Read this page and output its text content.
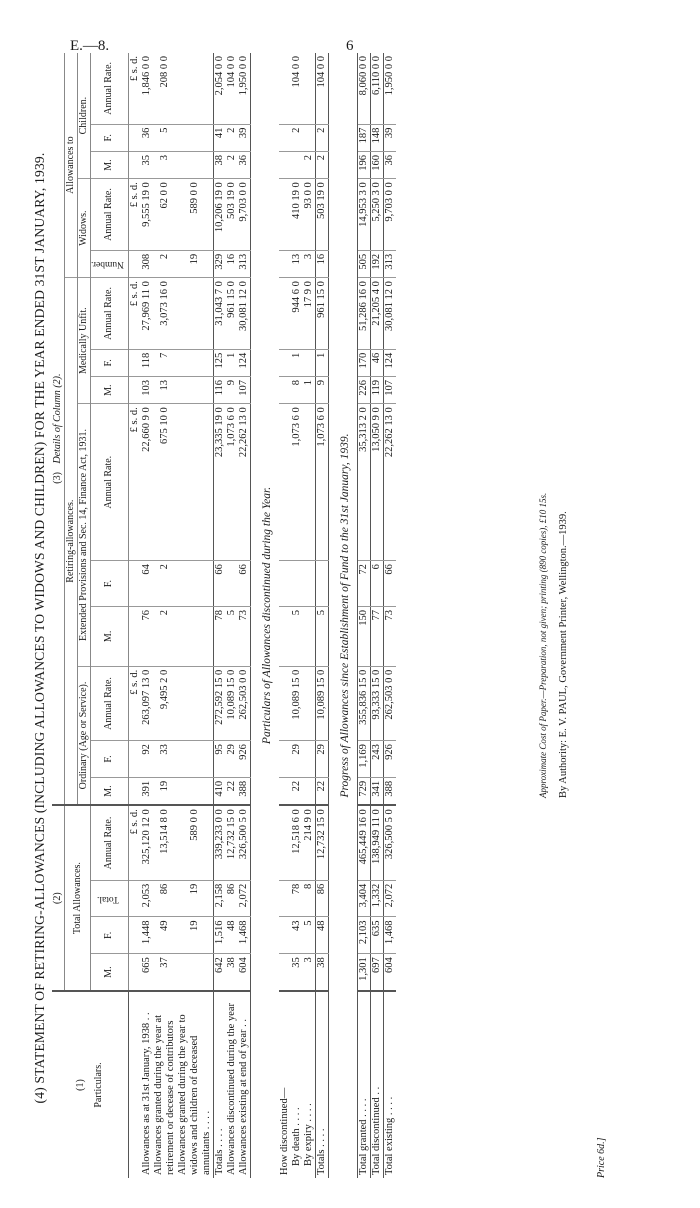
E.—8.	6
(4) STATEMENT OF RETIRING-ALLOWANCES (INCLUDING ALLOWANCES TO WIDOWS AND CHILDREN) FOR THE YEAR ENDED 31ST JANUARY, 1939.	(1) Particulars.	(2)				(3) Details of Column (2).													
	Total Allowances.				Retiring-allowances.									Allowances to				
					Ordinary (Age or Service).			Extended Provisions and Sec. 14, Finance Act, 1931.			Medically Unfit.			Widows.		Children.		
	M.	F.	Total.	Annual Rate.	M.	F.	Annual Rate.	M.	F.	Annual Rate.	M.	F.	Annual Rate.	Number.	Annual Rate.	M.	F.	Annual Rate.
				£ s. d.			£ s. d.			£ s. d.			£ s. d.		£ s. d.			£ s. d.
Allowances as at 31st January, 1938 . .	665	1,448	2,053	325,120 12 0	391	92	263,097 13 0	76	64	22,660 9 0	103	118	27,969 11 0	308	9,555 19 0	35	36	1,846 0 0
Allowances granted during the year at retirement or decease of contributors	37	49	86	13,514 8 0	19	33	9,495 2 0	2	2	675 10 0	13	7	3,073 16 0	2	62 0 0	3	5	208 0 0
Allowances granted during the year to widows and children of deceased annuitants . . . .		19	19	589 0 0										19	589 0 0			
Totals . . . .	642	1,516	2,158	339,233 0 0	410	95	272,592 15 0	78	66	23,335 19 0	116	125	31,043 7 0	329	10,206 19 0	38	41	2,054 0 0
Allowances discontinued during the year	38	48	86	12,732 15 0	22	29	10,089 15 0	5		1,073 6 0	9	1	961 15 0	16	503 19 0	2	2	104 0 0
Allowances existing at end of year . .	604	1,468	2,072	326,500 5 0	388	926	262,503 0 0	73	66	22,262 13 0	107	124	30,081 12 0	313	9,703 0 0	36	39	1,950 0 0
Particulars of Allowances discontinued during the Year.																		
How discontinued—																		
By death . . . .	35	43	78	12,518 6 0	22	29	10,089 15 0	5		1,073 6 0	8	1	944 6 0	13	410 19 0		2	104 0 0
By expiry . . . .	3	5	8	214 9 0							1		17 9 0	3	93 0 0	2		
Totals . . . .	38	48	86	12,732 15 0	22	29	10,089 15 0	5		1,073 6 0	9	1	961 15 0	16	503 19 0	2	2	104 0 0
Progress of Allowances since Establishment of Fund to the 31st January, 1939.																		
Total granted . . . .	1,301	2,103	3,404	465,449 16 0	729	1,169	355,836 15 0	150	72	35,313 2 0	226	170	51,286 16 0	505	14,953 3 0	196	187	8,060 0 0
Total discontinued . .	697	635	1,332	138,949 11 0	341	243	93,333 15 0	77	6	13,050 9 0	119	46	21,205 4 0	192	5,250 3 0	160	148	6,110 0 0
Total existing . . . .	604	1,468	2,072	326,500 5 0	388	926	262,503 0 0	73	66	22,262 13 0	107	124	30,081 12 0	313	9,703 0 0	36	39	1,950 0 0
Approximate Cost of Paper.—Preparation, not given; printing (890 copies), £10 15s. By Authority: E. V. PAUL, Government Printer, Wellington.—1939.
Price 6d.]
